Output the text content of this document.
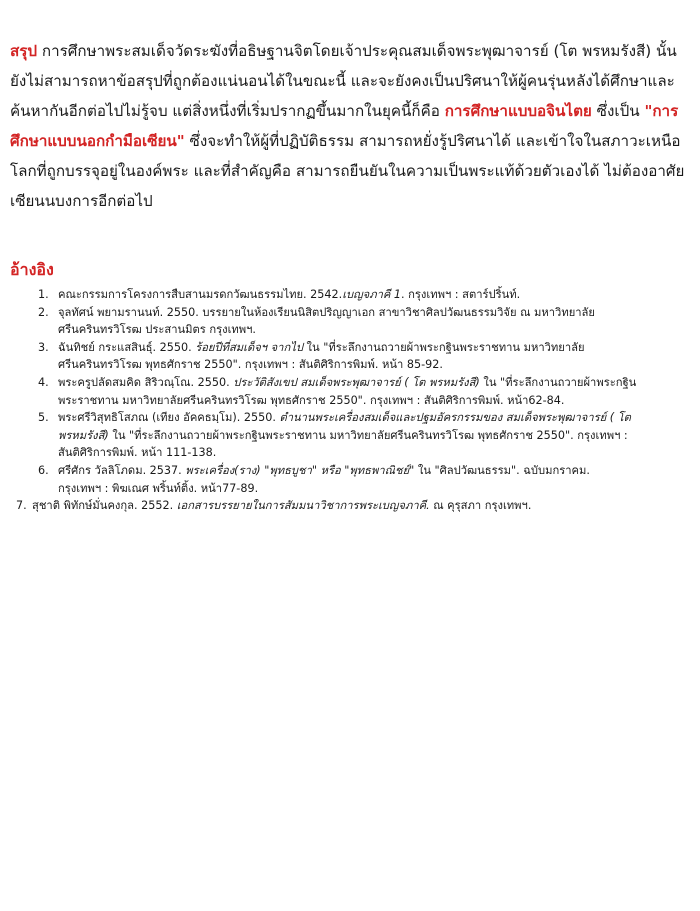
สรุป การศึกษาพระสมเด็จวัดระฆังที่อธิษฐานจิตโดยเจ้าประคุณสมเด็จพระพุฒาจารย์ (โต พรหมรังสี) นั้น ยังไม่สามารถหาข้อสรุปที่ถูกต้องแน่นอนได้ในขณะนี้ และจะยังคงเป็นปริศนาให้ผู้คนรุ่นหลังได้ศึกษาและค้นหากันอีกต่อไปไม่รู้จบ แต่สิ่งหนึ่งที่เริ่มปรากฏขึ้นมากในยุคนี้ก็คือ การศึกษาแบบอจินไตย ซึ่งเป็น "การศึกษาแบบนอกกำมือเซียน" ซึ่งจะทำให้ผู้ที่ปฏิบัติธรรม สามารถหยั่งรู้ปริศนาได้ และเข้าใจในสภาวะเหนือโลกที่ถูกบรรจุอยู่ในองค์พระ และที่สำคัญคือ สามารถยืนยันในความเป็นพระแท้ด้วยตัวเองได้ ไม่ต้องอาศัยเซียนนบงการอีกต่อไป

อ้างอิง
1. คณะกรรมการโครงการสืบสานมรดกวัฒนธรรมไทย. 2542.เบญจภาคี 1. กรุงเทพฯ : สตาร์ปริ้นท์.
2. จุลทัศน์ พยามรานนท์. 2550. บรรยายในห้องเรียนนิสิตปริญญาเอก สาขาวิชาศิลปวัฒนธรรมวิจัย ณ มหาวิทยาลัย
ศรีนครินทรวิโรฒ ประสานมิตร กรุงเทพฯ.
3. ฉันทิชย์ กระแสสินธุ์. 2550. ร้อยปีที่สมเด็จฯ จากไป ใน "ที่ระลึกงานถวายผ้าพระกฐินพระราชทาน มหาวิทยาลัย
ศรีนครินทรวิโรฒ พุทธศักราช 2550". กรุงเทพฯ : สันติศิริการพิมพ์. หน้า 85-92.
4. พระครูปลัดสมคิด สิริวณฺโณ. 2550. ประวัติสังเขป สมเด็จพระพุฒาจารย์ ( โต พรหมรังสี) ใน "ที่ระลึกงานถวายผ้าพระกฐิน
พระราชทาน มหาวิทยาลัยศรีนครินทรวิโรฒ พุทธศักราช 2550". กรุงเทพฯ : สันติศิริการพิมพ์. หน้า62-84.
5. พระศรีวิสุทธิโสภณ (เทียง อัคคธมฺโม). 2550. ตำนานพระเครื่องสมเด็จและปฐมอัครกรรมของ สมเด็จพระพุฒาจารย์ ( โต
พรหมรังสี) ใน "ที่ระลึกงานถวายผ้าพระกฐินพระราชทาน มหาวิทยาลัยศรีนครินทรวิโรฒ พุทธศักราช 2550". กรุงเทพฯ :
สันติศิริการพิมพ์. หน้า 111-138.
6. ศรีศักร วัลลิโภดม. 2537. พระเครื่อง(ราง) "พุทธบูชา" หรือ "พุทธพาณิชย์" ใน "ศิลปวัฒนธรรม". ฉบับมกราคม.
กรุงเทพฯ : พิฆเณศ พริ้นท์ติ้ง. หน้า77-89.
7. สุชาติ พิทักษ์มั่นคงกุล. 2552. เอกสารบรรยายในการสัมมนาวิชาการพระเบญจภาคี. ณ คุรุสภา กรุงเทพฯ.
